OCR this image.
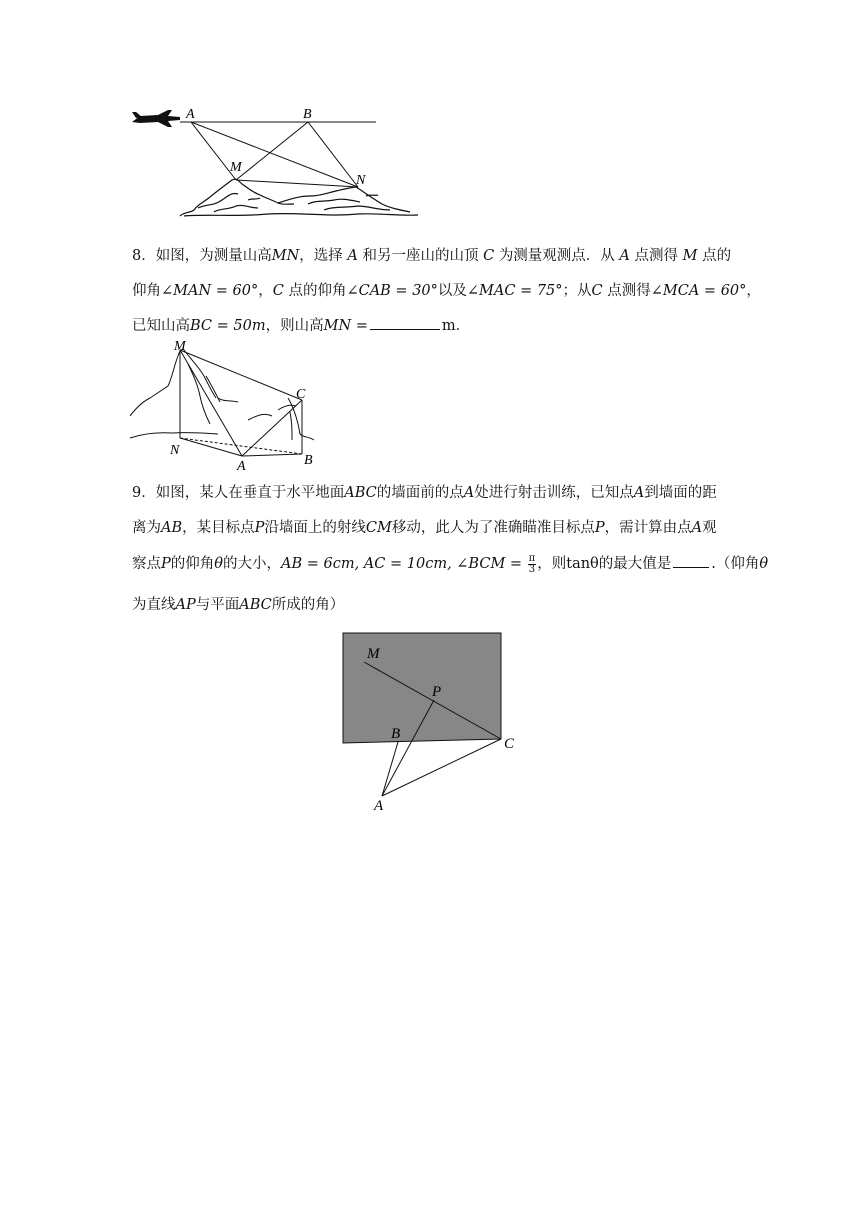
A	B
M
N
8．如图，为测量山高MN，选择 A 和另一座山的山顶 C 为测量观测点．从 A 点测得 M 点的
仰角∠MAN = 60°，C 点的仰角∠CAB = 30°以及∠MAC = 75°；从C 点测得∠MCA = 60°，
已知山高BC = 50m，则山高MN =	m．
M
C
N
A	B
9．如图，某人在垂直于水平地面ABC的墙面前的点A处进行射击训练，已知点A到墙面的距
离为AB，某目标点P沿墙面上的射线CM移动，此人为了准确瞄准目标点P，需计算由点A观
察点P的仰角θ的大小，AB = 6cm, AC = 10cm, ∠BCM = $\frac{\pi}{3}$ ，则tanθ的最大值是	.（仰角θ
为直线AP与平面ABC所成的角）
M
P
B
C
A
